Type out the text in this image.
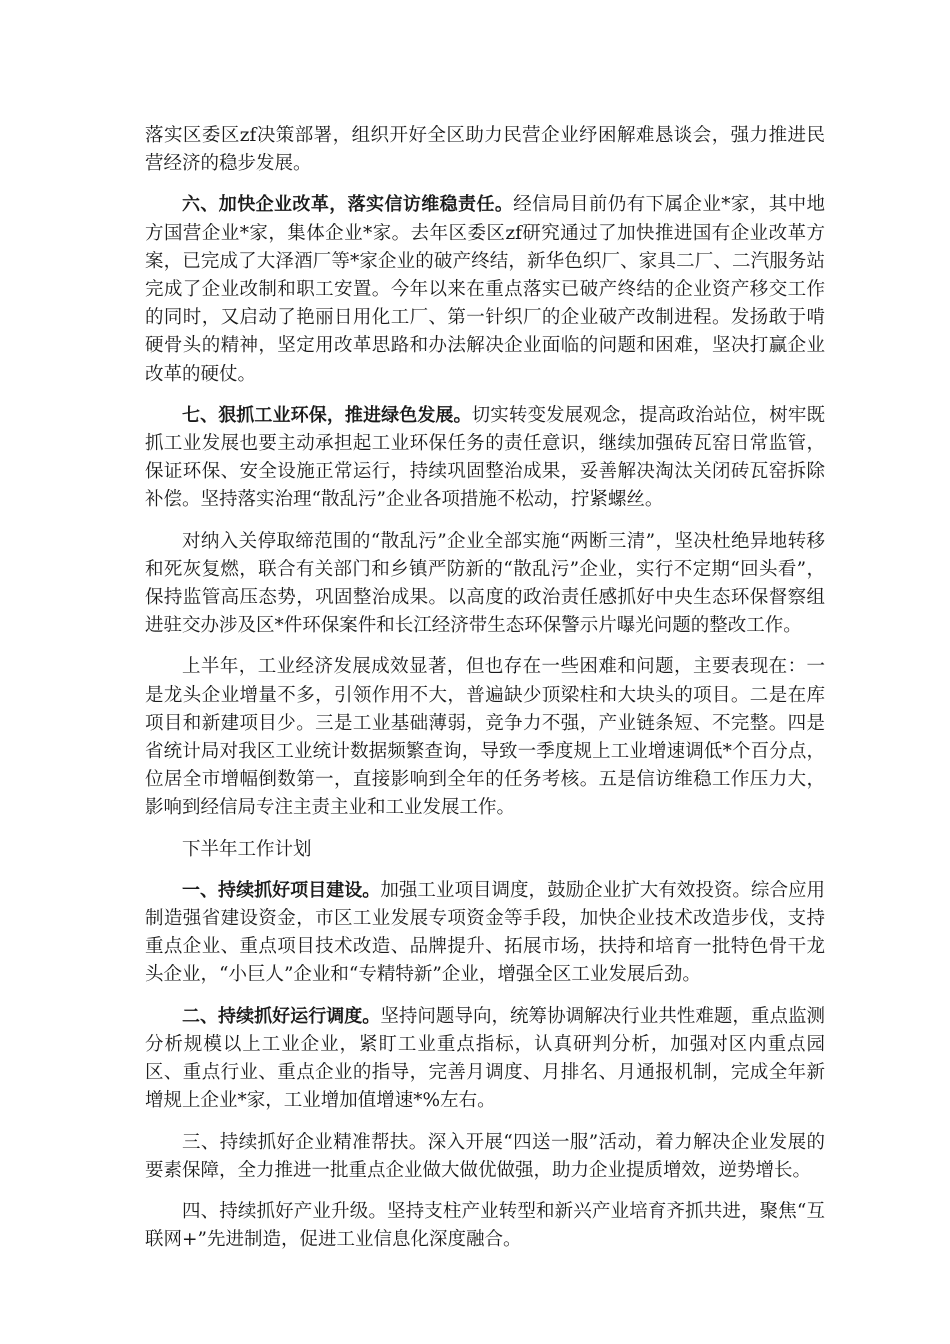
落实区委区zf决策部署，组织开好全区助力民营企业纾困解难恳谈会，强力推进民营经济的稳步发展。

六、加快企业改革，落实信访维稳责任。经信局目前仍有下属企业*家，其中地方国营企业*家，集体企业*家。去年区委区zf研究通过了加快推进国有企业改革方案，已完成了大泽酒厂等*家企业的破产终结，新华色织厂、家具二厂、二汽服务站完成了企业改制和职工安置。今年以来在重点落实已破产终结的企业资产移交工作的同时，又启动了艳丽日用化工厂、第一针织厂的企业破产改制进程。发扬敢于啃硬骨头的精神，坚定用改革思路和办法解决企业面临的问题和困难，坚决打赢企业改革的硬仗。

七、狠抓工业环保，推进绿色发展。切实转变发展观念，提高政治站位，树牢既抓工业发展也要主动承担起工业环保任务的责任意识，继续加强砖瓦窑日常监管，保证环保、安全设施正常运行，持续巩固整治成果，妥善解决淘汰关闭砖瓦窑拆除补偿。坚持落实治理“散乱污”企业各项措施不松动，拧紧螺丝。

对纳入关停取缔范围的“散乱污”企业全部实施“两断三清”，坚决杜绝异地转移和死灰复燃，联合有关部门和乡镇严防新的“散乱污”企业，实行不定期“回头看”，保持监管高压态势，巩固整治成果。以高度的政治责任感抓好中央生态环保督察组进驻交办涉及区*件环保案件和长江经济带生态环保警示片曝光问题的整改工作。

上半年，工业经济发展成效显著，但也存在一些困难和问题，主要表现在：一是龙头企业增量不多，引领作用不大，普遍缺少顶梁柱和大块头的项目。二是在库项目和新建项目少。三是工业基础薄弱，竞争力不强，产业链条短、不完整。四是省统计局对我区工业统计数据频繁查询，导致一季度规上工业增速调低*个百分点，位居全市增幅倒数第一，直接影响到全年的任务考核。五是信访维稳工作压力大，影响到经信局专注主责主业和工业发展工作。

下半年工作计划

一、持续抓好项目建设。加强工业项目调度，鼓励企业扩大有效投资。综合应用制造强省建设资金，市区工业发展专项资金等手段，加快企业技术改造步伐，支持重点企业、重点项目技术改造、品牌提升、拓展市场，扶持和培育一批特色骨干龙头企业，“小巨人”企业和“专精特新”企业，增强全区工业发展后劲。

二、持续抓好运行调度。坚持问题导向，统筹协调解决行业共性难题，重点监测分析规模以上工业企业，紧盯工业重点指标，认真研判分析，加强对区内重点园区、重点行业、重点企业的指导，完善月调度、月排名、月通报机制，完成全年新增规上企业*家，工业增加值增速*%左右。

三、持续抓好企业精准帮扶。深入开展“四送一服”活动，着力解决企业发展的要素保障，全力推进一批重点企业做大做优做强，助力企业提质增效，逆势增长。

四、持续抓好产业升级。坚持支柱产业转型和新兴产业培育齐抓共进，聚焦“互联网+”先进制造，促进工业信息化深度融合。
